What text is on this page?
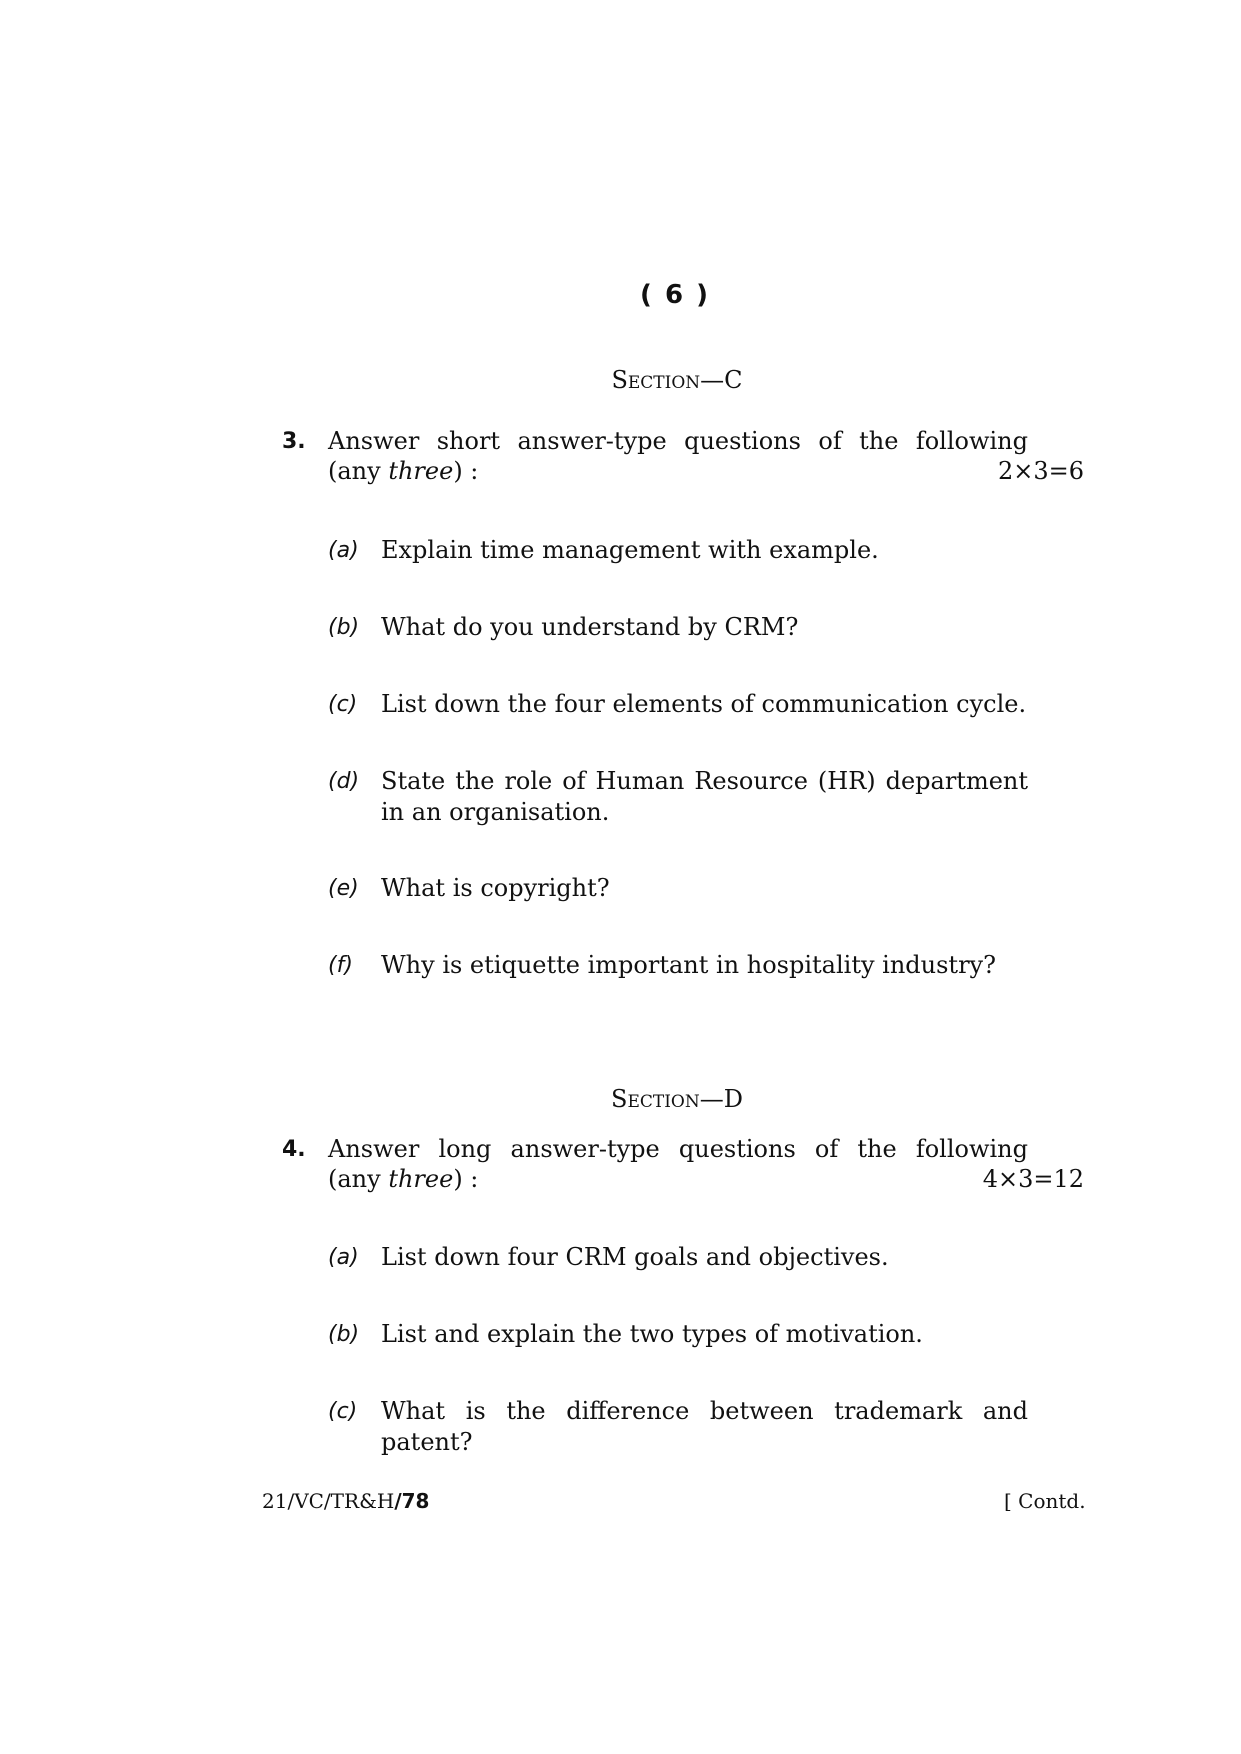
( 6 )
Section—C
3. Answer short answer-type questions of the following
(any three) :	2×3=6
(a) Explain time management with example.
(b) What do you understand by CRM?
(c) List down the four elements of communication cycle.
(d) State the role of Human Resource (HR) department
in an organisation.
(e) What is copyright?
(f) Why is etiquette important in hospitality industry?
Section—D
4. Answer long answer-type questions of the following
(any three) :	4×3=12
(a) List down four CRM goals and objectives.
(b) List and explain the two types of motivation.
(c) What is the difference between trademark and
patent?
21/VC/TR&H/78	[ Contd.
